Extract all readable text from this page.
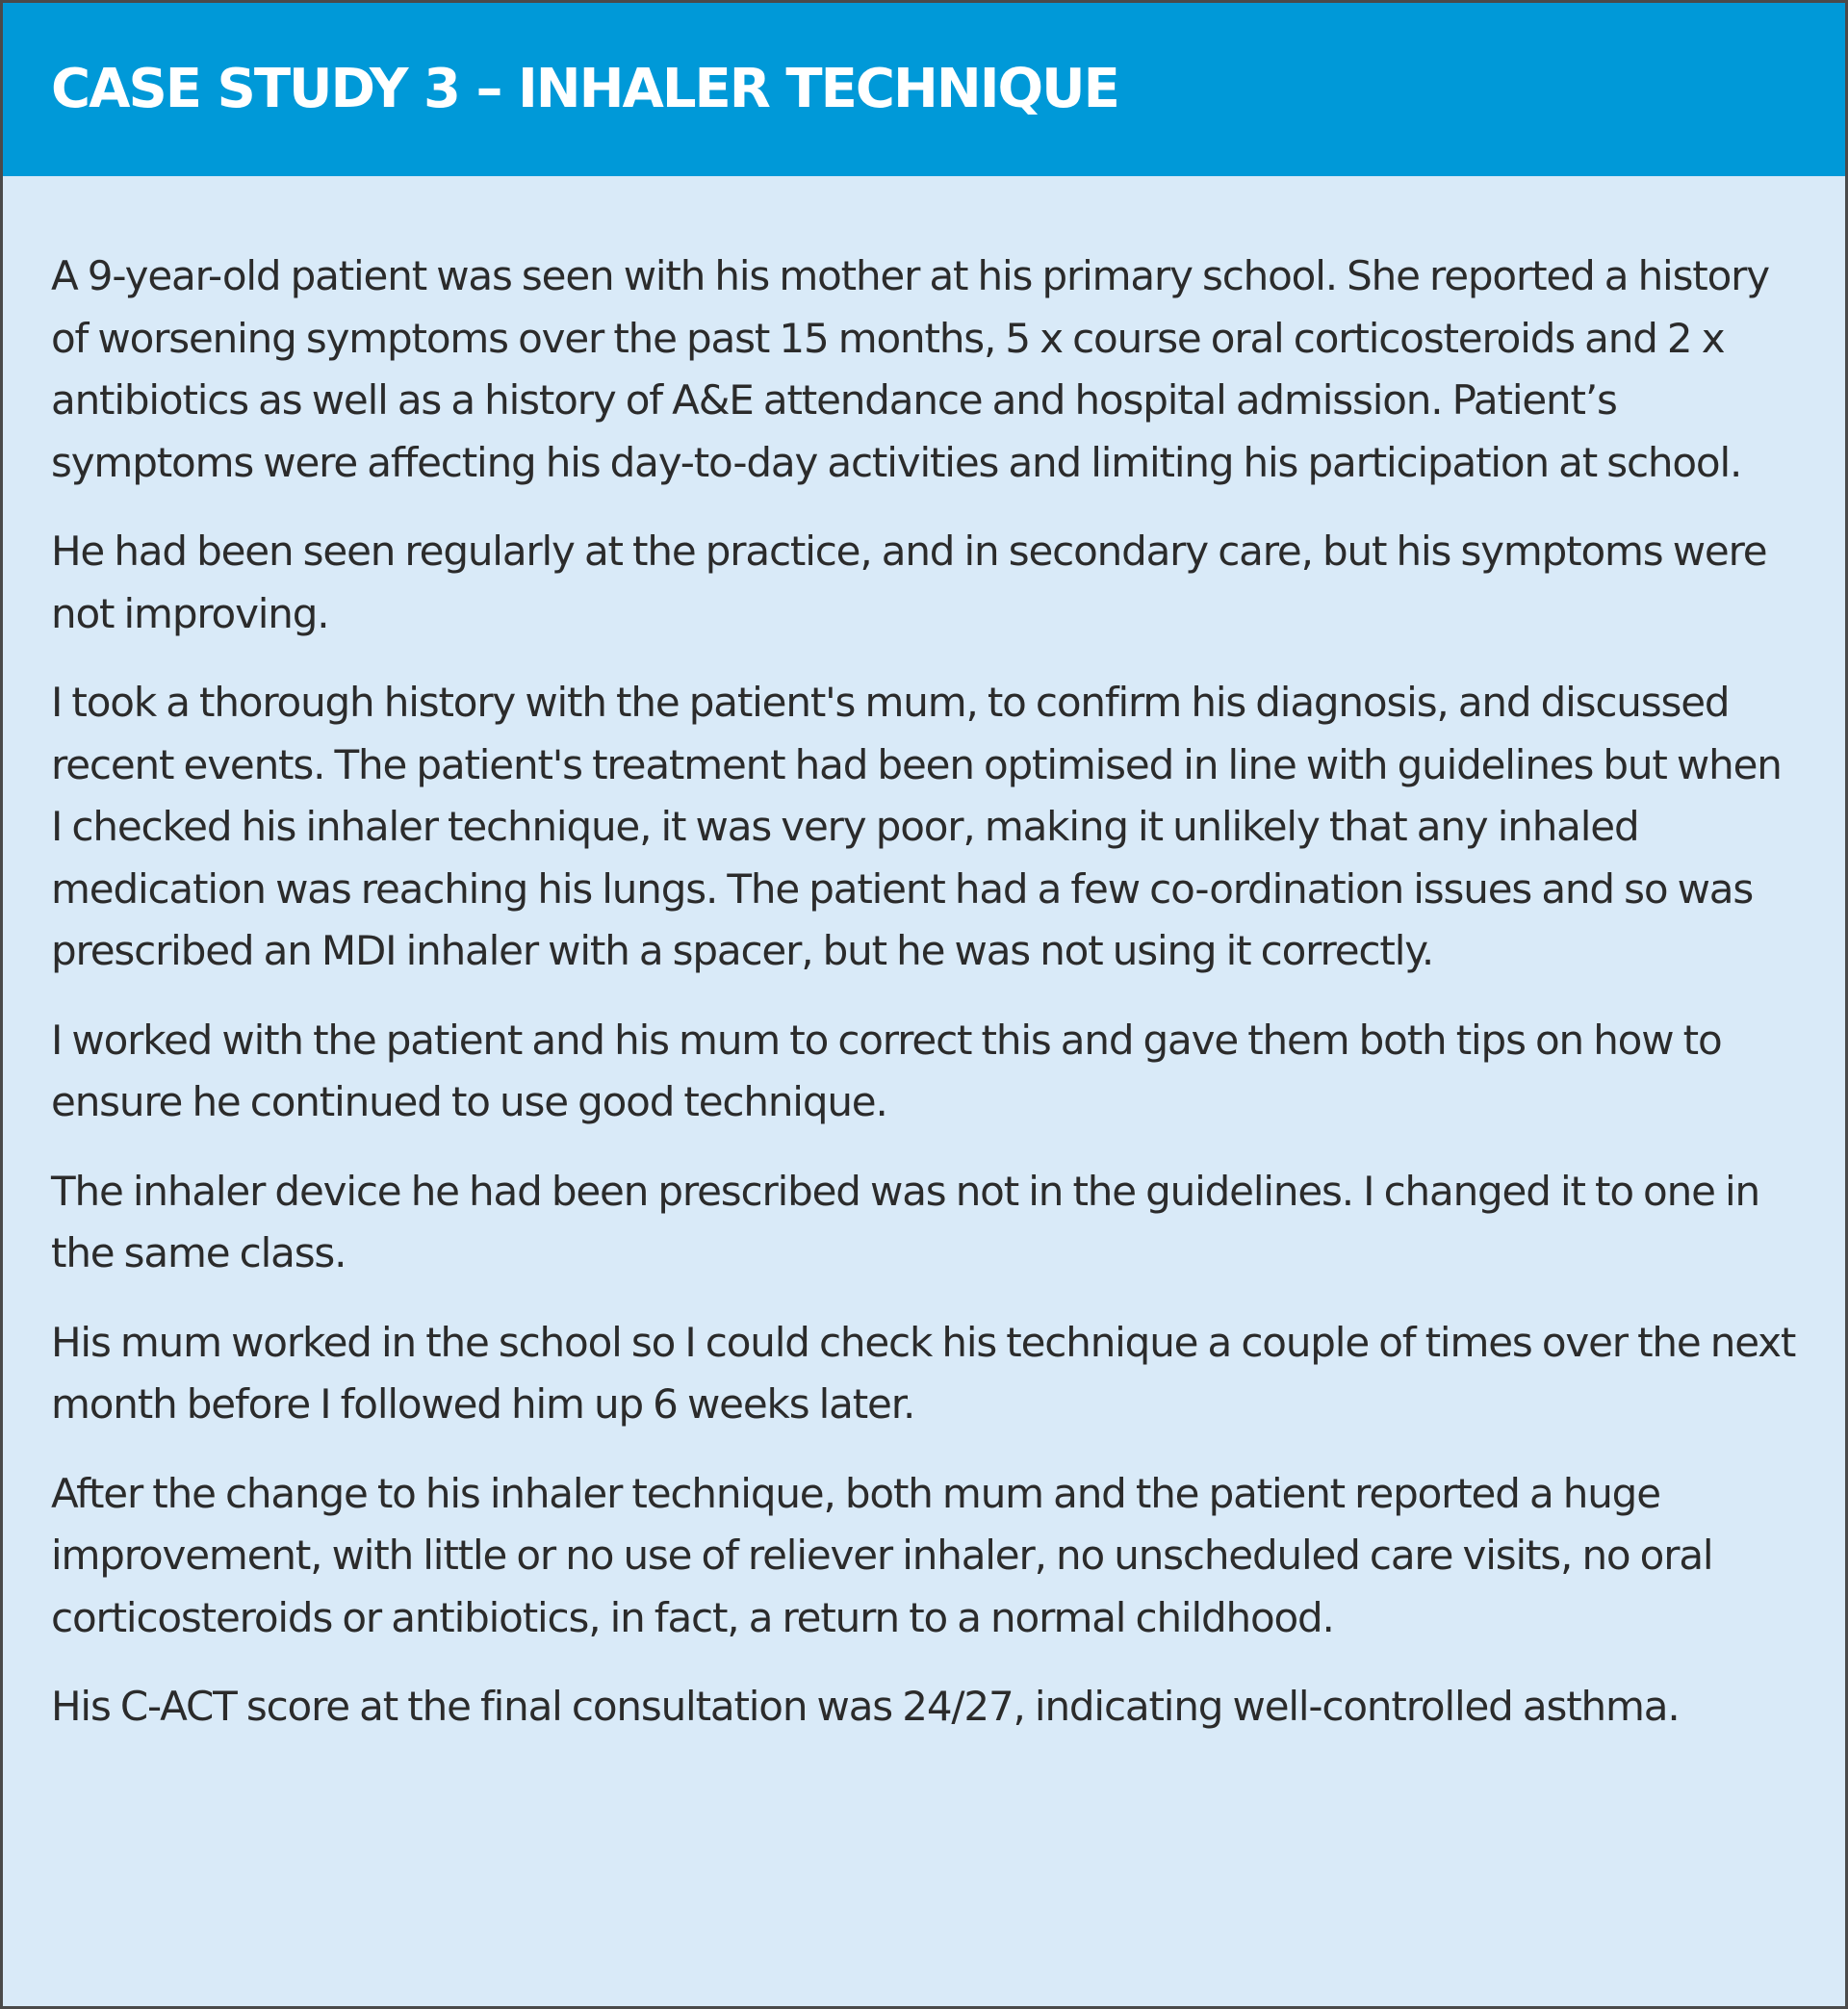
CASE STUDY 3 – INHALER TECHNIQUE

A 9-year-old patient was seen with his mother at his primary school. She reported a history of worsening symptoms over the past 15 months, 5 x course oral corticosteroids and 2 x antibiotics as well as a history of A&E attendance and hospital admission. Patient’s symptoms were affecting his day-to-day activities and limiting his participation at school.

He had been seen regularly at the practice, and in secondary care, but his symptoms were not improving.

I took a thorough history with the patient's mum, to confirm his diagnosis, and discussed recent events. The patient's treatment had been optimised in line with guidelines but when I checked his inhaler technique, it was very poor, making it unlikely that any inhaled medication was reaching his lungs. The patient had a few co-ordination issues and so was prescribed an MDI inhaler with a spacer, but he was not using it correctly.

I worked with the patient and his mum to correct this and gave them both tips on how to ensure he continued to use good technique.

The inhaler device he had been prescribed was not in the guidelines. I changed it to one in the same class.

His mum worked in the school so I could check his technique a couple of times over the next month before I followed him up 6 weeks later.

After the change to his inhaler technique, both mum and the patient reported a huge improvement, with little or no use of reliever inhaler, no unscheduled care visits, no oral corticosteroids or antibiotics, in fact, a return to a normal childhood.

His C-ACT score at the final consultation was 24/27, indicating well-controlled asthma.
